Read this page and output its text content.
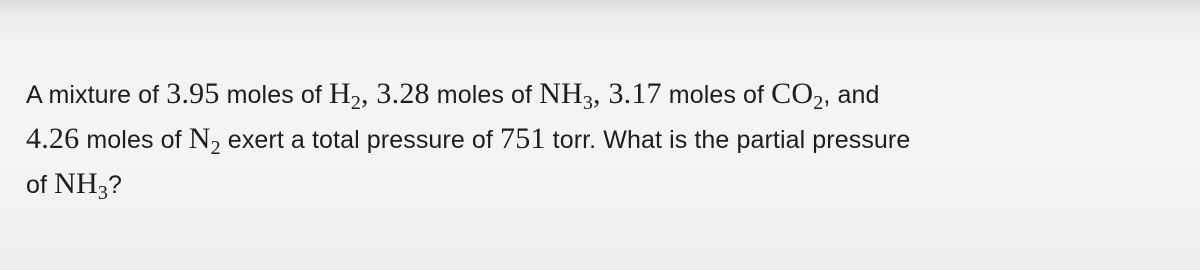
A mixture of 3.95 moles of $H_2$, 3.28 moles of $NH_3$, 3.17 moles of $CO_2$, and
4.26 moles of $N_2$ exert a total pressure of 751 torr. What is the partial pressure
of $NH_3$?
